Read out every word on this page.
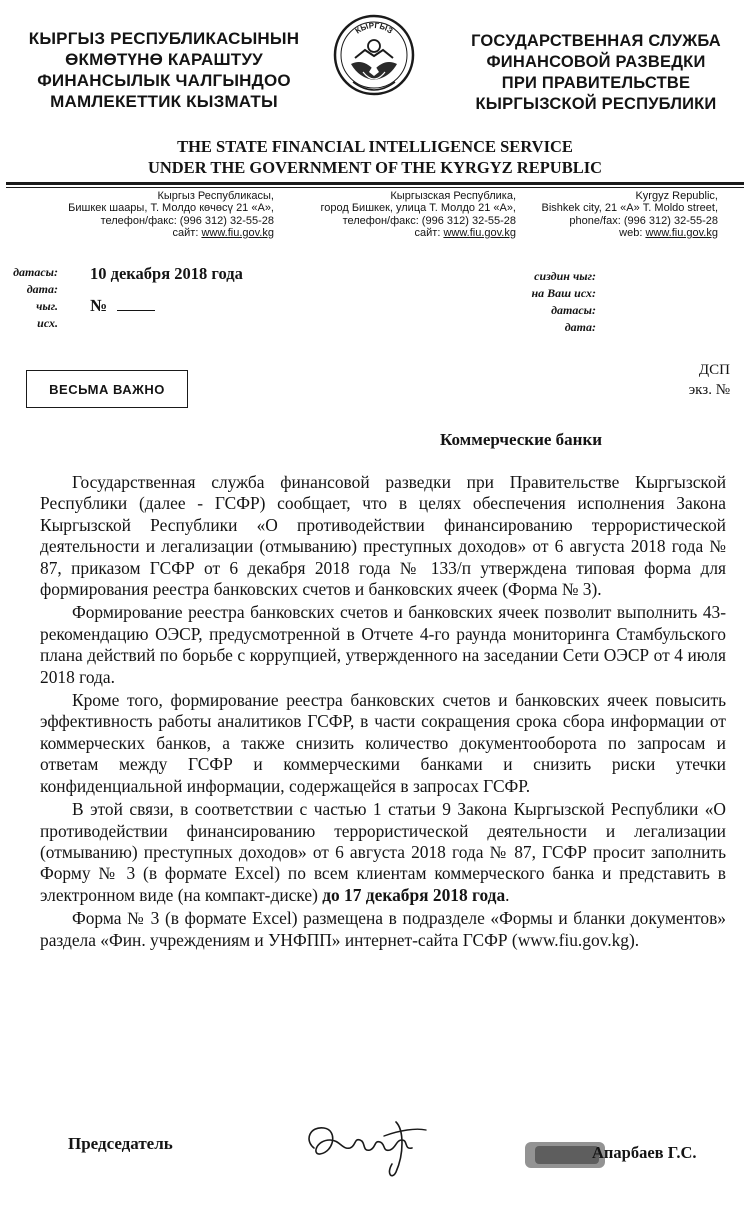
КЫРГЫЗ РЕСПУБЛИКАСЫНЫН
ӨКМӨТҮНӨ КАРАШТУУ
ФИНАНСЫЛЫК ЧАЛГЫНДОО
МАМЛЕКЕТТИК КЫЗМАТЫ
КЫРГЫЗ
ГОСУДАРСТВЕННАЯ СЛУЖБА
ФИНАНСОВОЙ РАЗВЕДКИ
ПРИ ПРАВИТЕЛЬСТВЕ
КЫРГЫЗСКОЙ РЕСПУБЛИКИ
THE STATE FINANCIAL INTELLIGENCE SERVICE
UNDER THE GOVERNMENT OF THE KYRGYZ REPUBLIC
Кыргыз Республикасы,
Бишкек шаары, Т. Молдо көчөсү 21 «А»,
телефон/факс: (996 312) 32-55-28
сайт: www.fiu.gov.kg
Кыргызская Республика,
город Бишкек, улица Т. Молдо 21 «А»,
телефон/факс: (996 312) 32-55-28
сайт: www.fiu.gov.kg
Kyrgyz Republic,
Bishkek city, 21 «А» T. Moldo street,
phone/fax: (996 312) 32-55-28
web: www.fiu.gov.kg
датасы:
дата:
чыг.
исх.
10 декабря 2018 года
№
сиздин чыг:
на Ваш исх:
датасы:
дата:
ДСП
экз. №
ВЕСЬМА ВАЖНО
Коммерческие банки

Государственная служба финансовой разведки при Правительстве Кыргызской Республики (далее - ГСФР) сообщает, что в целях обеспечения исполнения Закона Кыргызской Республики «О противодействии финансированию террористической деятельности и легализации (отмыванию) преступных доходов» от 6 августа 2018 года № 87, приказом ГСФР от 6 декабря 2018 года № 133/п утверждена типовая форма для формирования реестра банковских счетов и банковских ячеек (Форма № 3).

Формирование реестра банковских счетов и банковских ячеек позволит выполнить 43-рекомендацию ОЭСР, предусмотренной в Отчете 4-го раунда мониторинга Стамбульского плана действий по борьбе с коррупцией, утвержденного на заседании Сети ОЭСР от 4 июля 2018 года.

Кроме того, формирование реестра банковских счетов и банковских ячеек повысить эффективность работы аналитиков ГСФР, в части сокращения срока сбора информации от коммерческих банков, а также снизить количество документооборота по запросам и ответам между ГСФР и коммерческими банками и снизить риски утечки конфиденциальной информации, содержащейся в запросах ГСФР.

В этой связи, в соответствии с частью 1 статьи 9 Закона Кыргызской Республики «О противодействии финансированию террористической деятельности и легализации (отмыванию) преступных доходов» от 6 августа 2018 года № 87, ГСФР просит заполнить Форму № 3 (в формате Excel) по всем клиентам коммерческого банка и представить в электронном виде (на компакт-диске) до 17 декабря 2018 года.

Форма № 3 (в формате Excel) размещена в подразделе «Формы и бланки документов» раздела «Фин. учреждениям и УНФПП» интернет-сайта ГСФР (www.fiu.gov.kg).

Председатель	Апарбаев Г.С.
